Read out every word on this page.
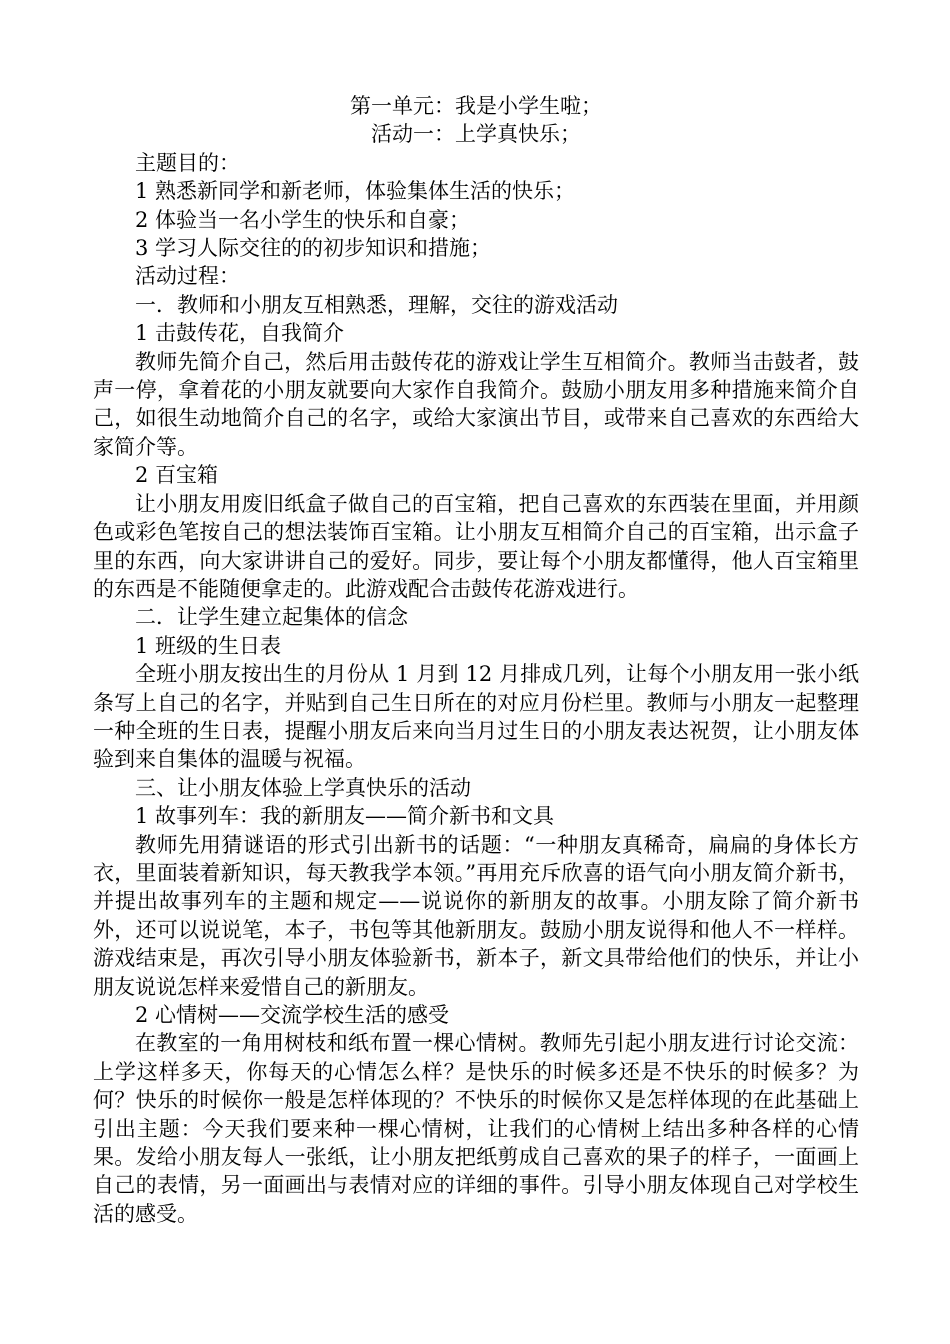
第一单元：我是小学生啦；

活动一：上学真快乐；

主题目的：

1 熟悉新同学和新老师，体验集体生活的快乐；

2 体验当一名小学生的快乐和自豪；

3 学习人际交往的的初步知识和措施；

活动过程：

一．教师和小朋友互相熟悉，理解，交往的游戏活动

1 击鼓传花，自我简介

教师先简介自己，然后用击鼓传花的游戏让学生互相简介。教师当击鼓者，鼓声一停，拿着花的小朋友就要向大家作自我简介。鼓励小朋友用多种措施来简介自己，如很生动地简介自己的名字，或给大家演出节目，或带来自己喜欢的东西给大家简介等。

2 百宝箱

让小朋友用废旧纸盒子做自己的百宝箱，把自己喜欢的东西装在里面，并用颜色或彩色笔按自己的想法装饰百宝箱。让小朋友互相简介自己的百宝箱，出示盒子里的东西，向大家讲讲自己的爱好。同步，要让每个小朋友都懂得，他人百宝箱里的东西是不能随便拿走的。此游戏配合击鼓传花游戏进行。

二．让学生建立起集体的信念

1 班级的生日表

全班小朋友按出生的月份从 1 月到 12 月排成几列，让每个小朋友用一张小纸条写上自己的名字，并贴到自己生日所在的对应月份栏里。教师与小朋友一起整理一种全班的生日表，提醒小朋友后来向当月过生日的小朋友表达祝贺，让小朋友体验到来自集体的温暖与祝福。

三、让小朋友体验上学真快乐的活动

1 故事列车：我的新朋友——简介新书和文具

教师先用猜谜语的形式引出新书的话题：“一种朋友真稀奇，扁扁的身体长方衣，里面装着新知识，每天教我学本领。”再用充斥欣喜的语气向小朋友简介新书，并提出故事列车的主题和规定——说说你的新朋友的故事。小朋友除了简介新书外，还可以说说笔，本子，书包等其他新朋友。鼓励小朋友说得和他人不一样样。游戏结束是，再次引导小朋友体验新书，新本子，新文具带给他们的快乐，并让小朋友说说怎样来爱惜自己的新朋友。

2 心情树——交流学校生活的感受

在教室的一角用树枝和纸布置一棵心情树。教师先引起小朋友进行讨论交流：上学这样多天，你每天的心情怎么样？是快乐的时候多还是不快乐的时候多？为何？快乐的时候你一般是怎样体现的？不快乐的时候你又是怎样体现的在此基础上引出主题：今天我们要来种一棵心情树，让我们的心情树上结出多种各样的心情果。发给小朋友每人一张纸，让小朋友把纸剪成自己喜欢的果子的样子，一面画上自己的表情，另一面画出与表情对应的详细的事件。引导小朋友体现自己对学校生活的感受。
